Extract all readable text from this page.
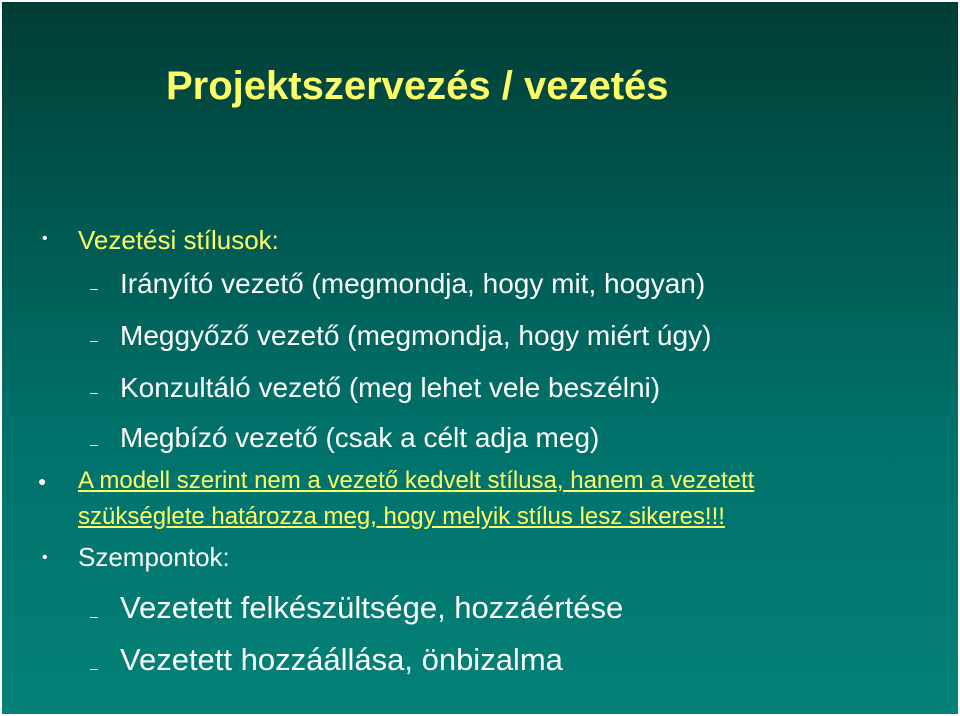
Projektszervezés / vezetés
• Vezetési stílusok:
– Irányító vezető (megmondja, hogy mit, hogyan)
– Meggyőző vezető (megmondja, hogy miért úgy)
– Konzultáló vezető (meg lehet vele beszélni)
– Megbízó vezető (csak a célt adja meg)
● A modell szerint nem a vezető kedvelt stílusa, hanem a vezetett
szükséglete határozza meg, hogy melyik stílus lesz sikeres!!!
• Szempontok:
– Vezetett felkészültsége, hozzáértése
– Vezetett hozzáállása, önbizalma
